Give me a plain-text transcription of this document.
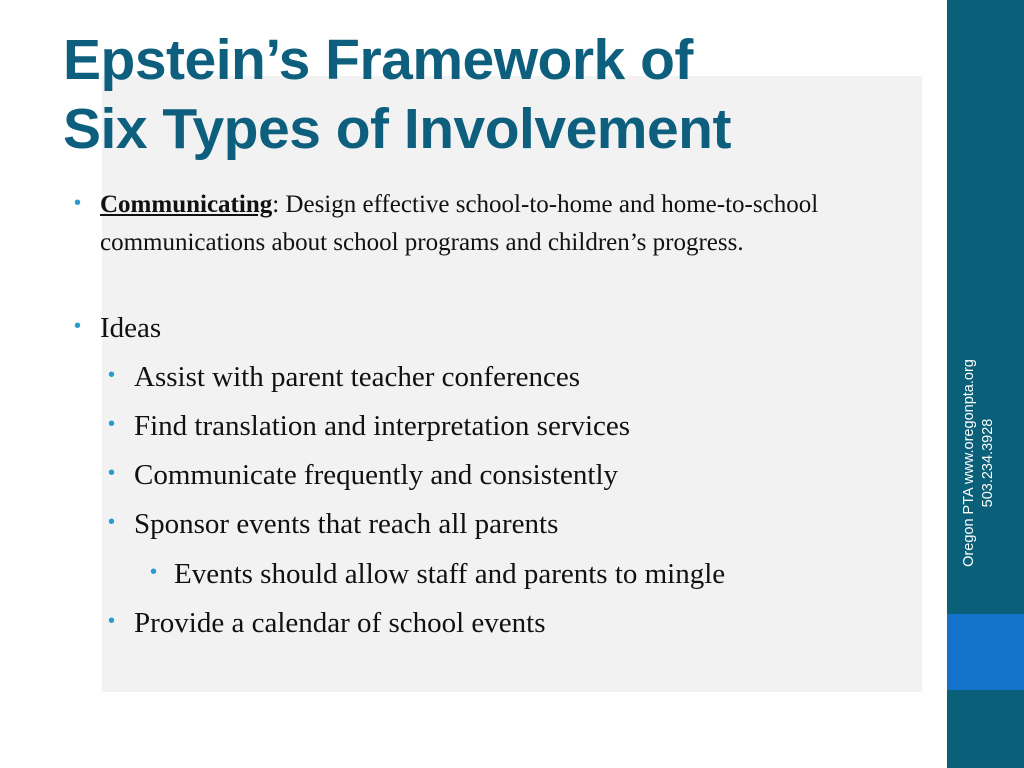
Epstein’s Framework of
Six Types of Involvement
• Communicating: Design effective school-to-home and home-to-school communications about school programs and children’s progress.
• Ideas
• Assist with parent teacher conferences
• Find translation and interpretation services
• Communicate frequently and consistently
• Sponsor events that reach all parents
• Events should allow staff and parents to mingle
• Provide a calendar of school events
Oregon PTA www.oregonpta.org 503.234.3928
